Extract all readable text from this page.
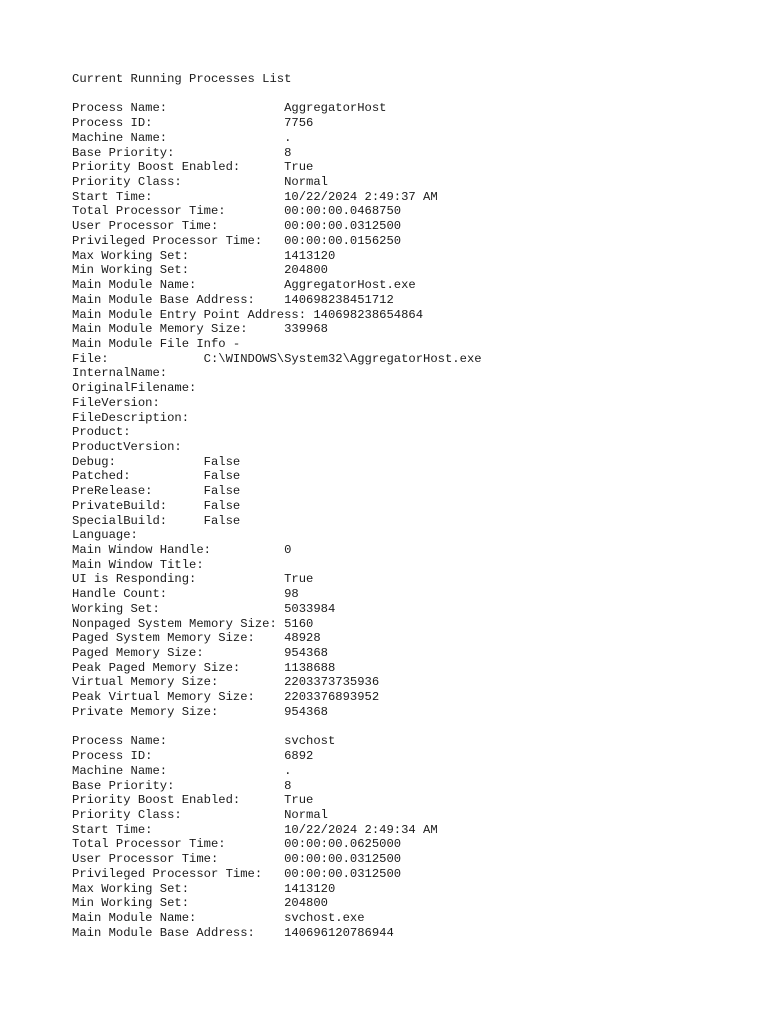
Current Running Processes List
Process Name:                AggregatorHost
Process ID:                  7756
Machine Name:                .
Base Priority:               8
Priority Boost Enabled:      True
Priority Class:              Normal
Start Time:                  10/22/2024 2:49:37 AM
Total Processor Time:        00:00:00.0468750
User Processor Time:         00:00:00.0312500
Privileged Processor Time:   00:00:00.0156250
Max Working Set:             1413120
Min Working Set:             204800
Main Module Name:            AggregatorHost.exe
Main Module Base Address:    140698238451712
Main Module Entry Point Address: 140698238654864
Main Module Memory Size:     339968
Main Module File Info -
File:             C:\WINDOWS\System32\AggregatorHost.exe
InternalName:
OriginalFilename:
FileVersion:
FileDescription:
Product:
ProductVersion:
Debug:            False
Patched:          False
PreRelease:       False
PrivateBuild:     False
SpecialBuild:     False
Language:
Main Window Handle:          0
Main Window Title:
UI is Responding:            True
Handle Count:                98
Working Set:                 5033984
Nonpaged System Memory Size: 5160
Paged System Memory Size:    48928
Paged Memory Size:           954368
Peak Paged Memory Size:      1138688
Virtual Memory Size:         2203373735936
Peak Virtual Memory Size:    2203376893952
Private Memory Size:         954368
Process Name:                svchost
Process ID:                  6892
Machine Name:                .
Base Priority:               8
Priority Boost Enabled:      True
Priority Class:              Normal
Start Time:                  10/22/2024 2:49:34 AM
Total Processor Time:        00:00:00.0625000
User Processor Time:         00:00:00.0312500
Privileged Processor Time:   00:00:00.0312500
Max Working Set:             1413120
Min Working Set:             204800
Main Module Name:            svchost.exe
Main Module Base Address:    140696120786944
